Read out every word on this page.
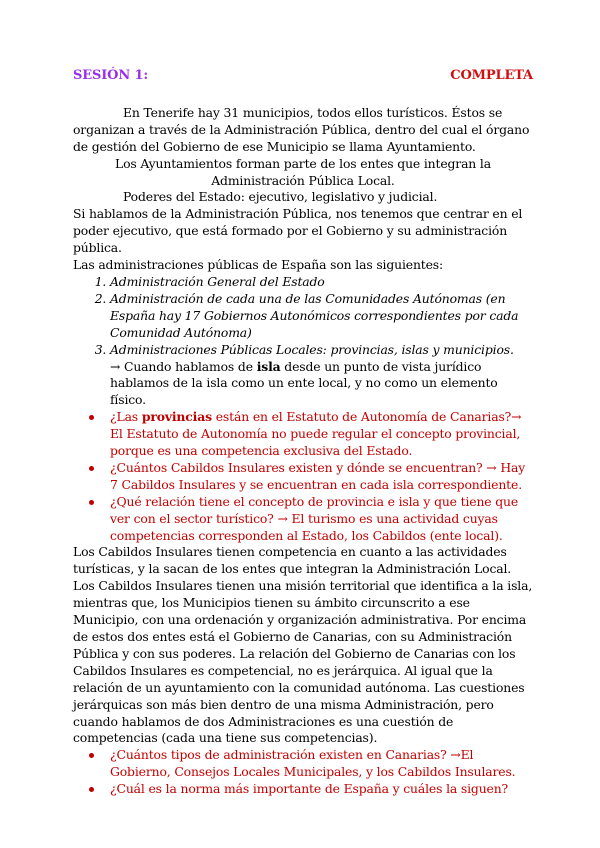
SESIÓN 1:	COMPLETA

En Tenerife hay 31 municipios, todos ellos turísticos. Éstos se organizan a través de la Administración Pública, dentro del cual el órgano de gestión del Gobierno de ese Municipio se llama Ayuntamiento.

Los Ayuntamientos forman parte de los entes que integran la Administración Pública Local.

Poderes del Estado: ejecutivo, legislativo y judicial.

Si hablamos de la Administración Pública, nos tenemos que centrar en el poder ejecutivo, que está formado por el Gobierno y su administración pública.

Las administraciones públicas de España son las siguientes:

1. Administración General del Estado
2. Administración de cada una de las Comunidades Autónomas (en España hay 17 Gobiernos Autonómicos correspondientes por cada Comunidad Autónoma)
3. Administraciones Públicas Locales: provincias, islas y municipios.

→ Cuando hablamos de isla desde un punto de vista jurídico hablamos de la isla como un ente local, y no como un elemento físico.

¿Las provincias están en el Estatuto de Autonomía de Canarias?→ El Estatuto de Autonomía no puede regular el concepto provincial, porque es una competencia exclusiva del Estado.
¿Cuántos Cabildos Insulares existen y dónde se encuentran? → Hay 7 Cabildos Insulares y se encuentran en cada isla correspondiente.
¿Qué relación tiene el concepto de provincia e isla y que tiene que ver con el sector turístico? → El turismo es una actividad cuyas competencias corresponden al Estado, los Cabildos (ente local).

Los Cabildos Insulares tienen competencia en cuanto a las actividades turísticas, y la sacan de los entes que integran la Administración Local. Los Cabildos Insulares tienen una misión territorial que identifica a la isla, mientras que, los Municipios tienen su ámbito circunscrito a ese Municipio, con una ordenación y organización administrativa. Por encima de estos dos entes está el Gobierno de Canarias, con su Administración Pública y con sus poderes. La relación del Gobierno de Canarias con los Cabildos Insulares es competencial, no es jerárquica. Al igual que la relación de un ayuntamiento con la comunidad autónoma. Las cuestiones jerárquicas son más bien dentro de una misma Administración, pero cuando hablamos de dos Administraciones es una cuestión de competencias (cada una tiene sus competencias).

¿Cuántos tipos de administración existen en Canarias? →El Gobierno, Consejos Locales Municipales, y los Cabildos Insulares.
¿Cuál es la norma más importante de España y cuáles la siguen?
